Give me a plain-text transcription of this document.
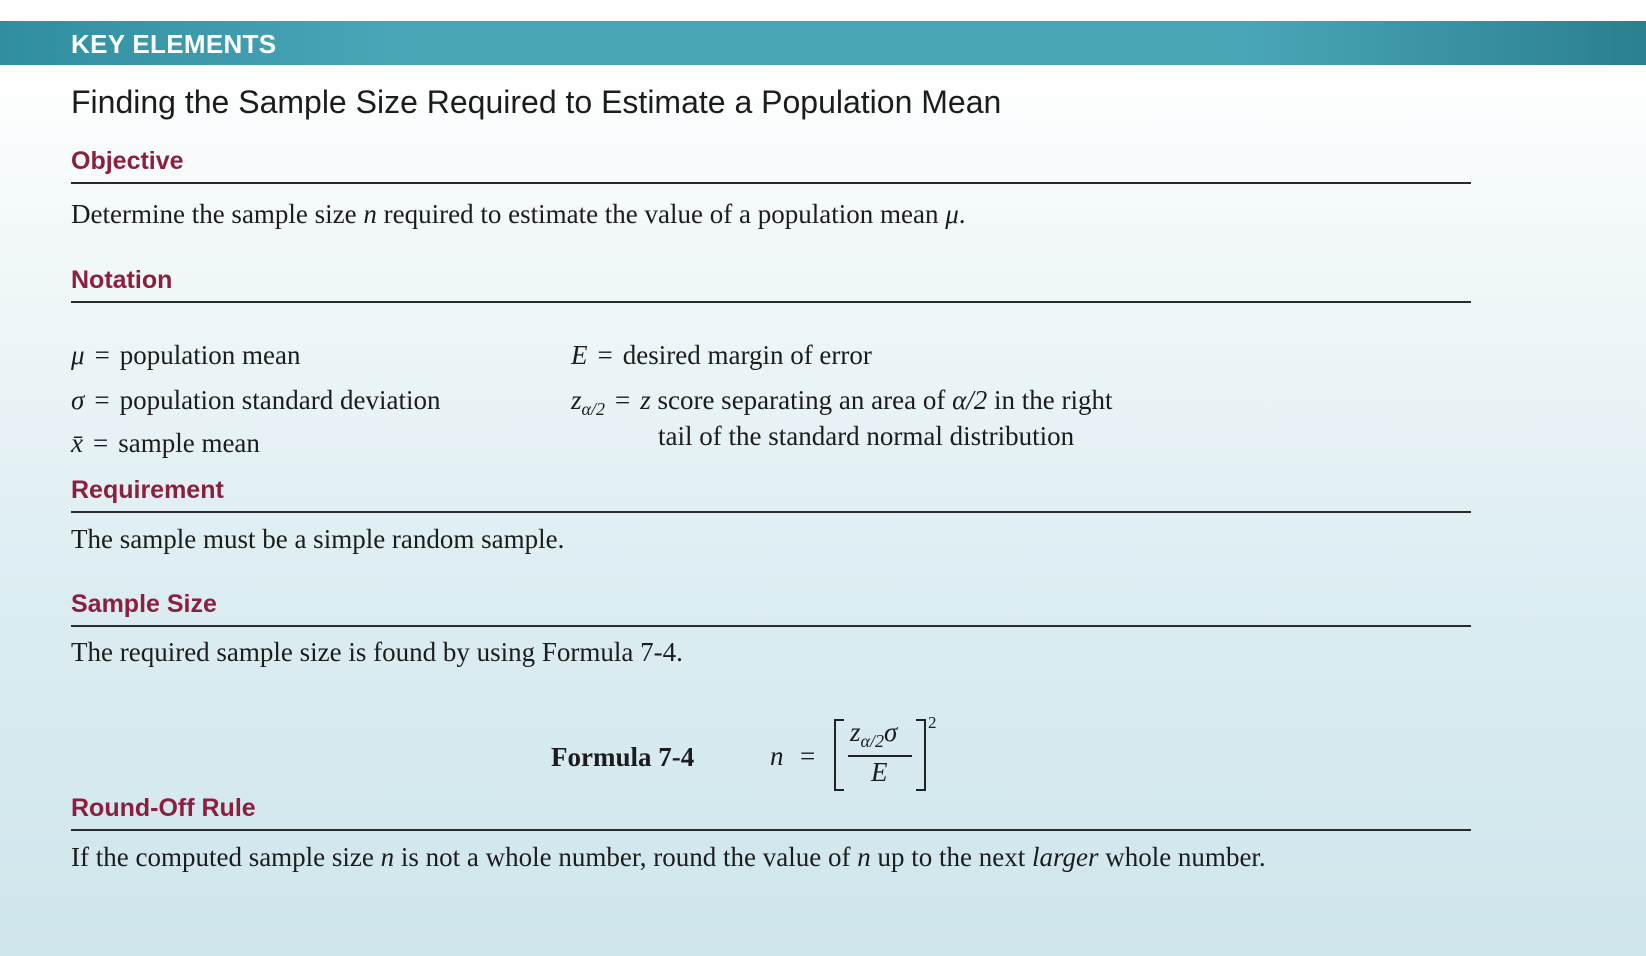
KEY ELEMENTS
Finding the Sample Size Required to Estimate a Population Mean
Objective

Determine the sample size n required to estimate the value of a population mean μ.

Notation
μ = population mean
σ = population standard deviation
x̄ = sample mean
E = desired margin of error
$z_{\alpha/2} = z$ score separating an area of α/2 in the right
tail of the standard normal distribution
Requirement

The sample must be a simple random sample.

Sample Size

The required sample size is found by using Formula 7-4.

Formula 7-4	n =
$z_{\alpha/2}\sigma$
E
2
Round-Off Rule

If the computed sample size n is not a whole number, round the value of n up to the next larger whole number.
